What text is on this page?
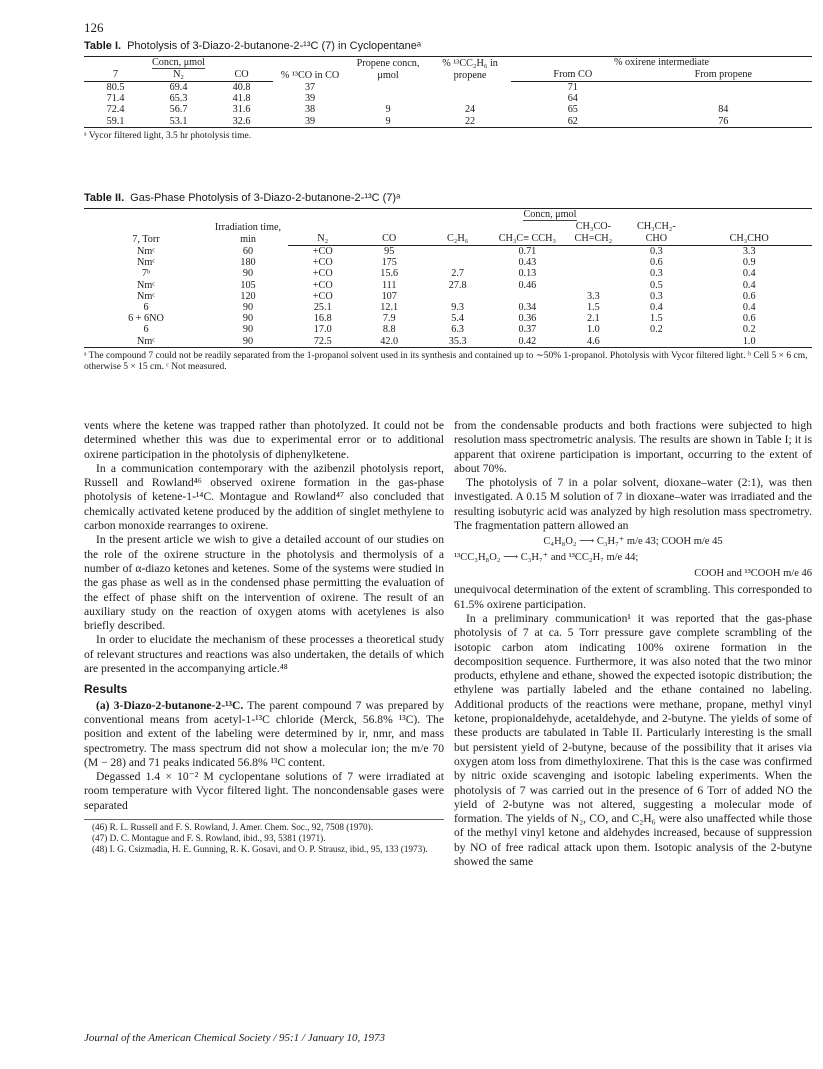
126
Table I. Photolysis of 3-Diazo-2-butanone-2-¹³C (7) in Cyclopentaneᵃ
Concn, μmol			% ¹³CO in CO	Propene concn, μmol	% ¹³CC₂H₆ in propene	% oxirene intermediate	
7	N₂	CO				From CO	From propene
80.5	69.4	40.8	37			71	
71.4	65.3	41.8	39			64	
72.4	56.7	31.6	38	9	24	65	84
59.1	53.1	32.6	39	9	22	62	76
ᵃ Vycor filtered light, 3.5 hr photolysis time.
Table II. Gas-Phase Photolysis of 3-Diazo-2-butanone-2-¹³C (7)ᵃ
7, Torr	Irradiation time, min	Concn, μmol						
		N₂	CO	C₂H₆	CH₃C≡ CCH₃	CH₃CO- CH=CH₂	CH₃CH₂- CHO	CH₃CHO
Nmᶜ	60	+CO	95		0.71		0.3	3.3
Nmᶜ	180	+CO	175		0.43		0.6	0.9
7ᵇ	90	+CO	15.6	2.7	0.13		0.3	0.4
Nmᶜ	105	+CO	111	27.8	0.46		0.5	0.4
Nmᶜ	120	+CO	107			3.3	0.3	0.6
6	90	25.1	12.1	9.3	0.34	1.5	0.4	0.4
6 + 6NO	90	16.8	7.9	5.4	0.36	2.1	1.5	0.6
6	90	17.0	8.8	6.3	0.37	1.0	0.2	0.2
Nmᶜ	90	72.5	42.0	35.3	0.42	4.6		1.0
ᵃ The compound 7 could not be readily separated from the 1-propanol solvent used in its synthesis and contained up to ∼50% 1-propanol. Photolysis with Vycor filtered light. ᵇ Cell 5 × 6 cm, otherwise 5 × 15 cm. ᶜ Not measured.

vents where the ketene was trapped rather than photolyzed. It could not be determined whether this was due to experimental error or to additional oxirene participation in the photolysis of diphenylketene.

In a communication contemporary with the azibenzil photolysis report, Russell and Rowland⁴⁶ observed oxirene formation in the gas-phase photolysis of ketene-1-¹⁴C. Montague and Rowland⁴⁷ also concluded that chemically activated ketene produced by the addition of singlet methylene to carbon monoxide rearranges to oxirene.

In the present article we wish to give a detailed account of our studies on the role of the oxirene structure in the photolysis and thermolysis of a number of α-diazo ketones and ketenes. Some of the systems were studied in the gas phase as well as in the condensed phase permitting the evaluation of the effect of phase shift on the intervention of oxirene. The result of an auxiliary study on the reaction of oxygen atoms with acetylenes is also briefly described.

In order to elucidate the mechanism of these processes a theoretical study of relevant structures and reactions was also undertaken, the details of which are presented in the accompanying article.⁴⁸

Results

(a) 3-Diazo-2-butanone-2-¹³C. The parent compound 7 was prepared by conventional means from acetyl-1-¹³C chloride (Merck, 56.8% ¹³C). The position and extent of the labeling were determined by ir, nmr, and mass spectrometry. The mass spectrum did not show a molecular ion; the m/e 70 (M − 28) and 71 peaks indicated 56.8% ¹³C content.

Degassed 1.4 × 10⁻² M cyclopentane solutions of 7 were irradiated at room temperature with Vycor filtered light. The noncondensable gases were separated

(46) R. L. Russell and F. S. Rowland, J. Amer. Chem. Soc., 92, 7508 (1970).
(47) D. C. Montague and F. S. Rowland, ibid., 93, 5381 (1971).
(48) I. G. Csizmadia, H. E. Gunning, R. K. Gosavi, and O. P. Strausz, ibid., 95, 133 (1973).

from the condensable products and both fractions were subjected to high resolution mass spectrometric analysis. The results are shown in Table I; it is apparent that oxirene participation is important, occurring to the extent of about 70%.

The photolysis of 7 in a polar solvent, dioxane–water (2:1), was then investigated. A 0.15 M solution of 7 in dioxane–water was irradiated and the resulting isobutyric acid was analyzed by high resolution mass spectrometry. The fragmentation pattern allowed an

C₄H₈O₂ ⟶ C₃H₇⁺ m/e 43; COOH m/e 45
¹³CC₃H₈O₂ ⟶ C₃H₇⁺ and ¹³CC₂H₇ m/e 44;
COOH and ¹³COOH m/e 46

unequivocal determination of the extent of scrambling. This corresponded to 61.5% oxirene participation.

In a preliminary communication¹ it was reported that the gas-phase photolysis of 7 at ca. 5 Torr pressure gave complete scrambling of the isotopic carbon atom indicating 100% oxirene formation in the decomposition sequence. Furthermore, it was also noted that the two minor products, ethylene and ethane, showed the expected isotopic distribution; the ethylene was partially labeled and the ethane contained no labeling. Additional products of the reactions were methane, propane, methyl vinyl ketone, propionaldehyde, acetaldehyde, and 2-butyne. The yields of some of these products are tabulated in Table II. Particularly interesting is the small but persistent yield of 2-butyne, because of the possibility that it arises via oxygen atom loss from dimethyloxirene. That this is the case was confirmed by nitric oxide scavenging and isotopic labeling experiments. When the photolysis of 7 was carried out in the presence of 6 Torr of added NO the yield of 2-butyne was not altered, suggesting a molecular mode of formation. The yields of N₂, CO, and C₂H₆ were also unaffected while those of the methyl vinyl ketone and aldehydes increased, because of suppression by NO of free radical attack upon them. Isotopic analysis of the 2-butyne showed the same

Journal of the American Chemical Society / 95:1 / January 10, 1973
